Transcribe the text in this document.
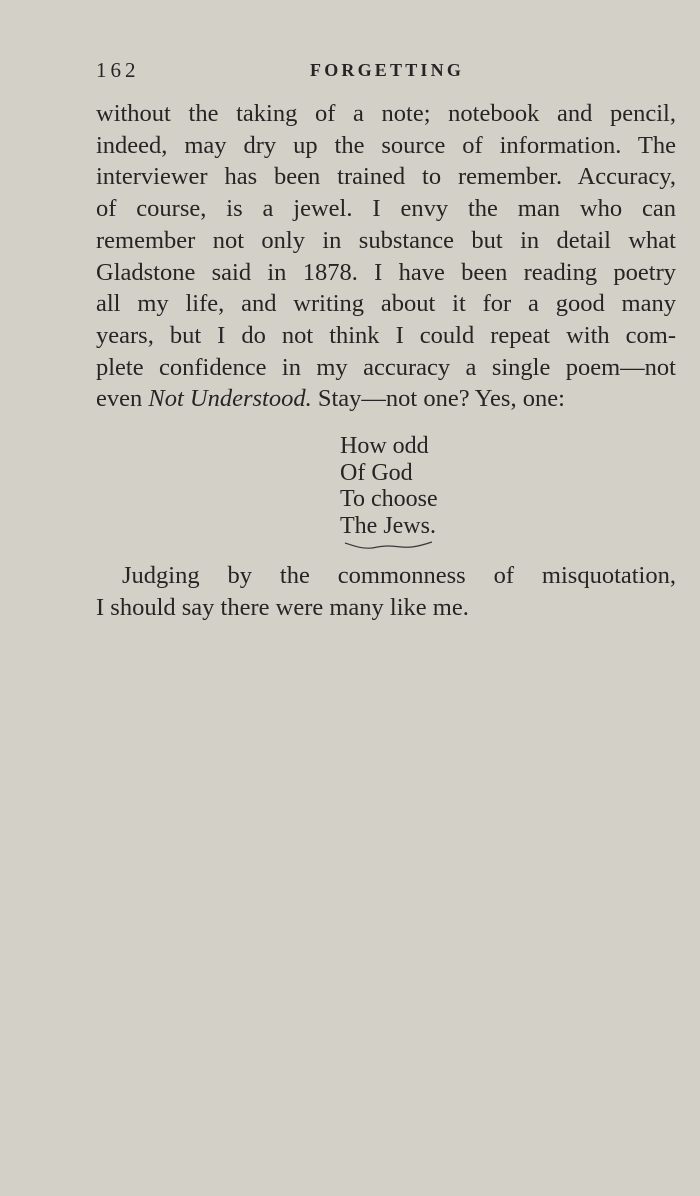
162	FORGETTING
without the taking of a note; notebook and pencil,
indeed, may dry up the source of information. The
interviewer has been trained to remember. Accuracy,
of course, is a jewel. I envy the man who can
remember not only in substance but in detail what
Gladstone said in 1878. I have been reading poetry
all my life, and writing about it for a good many
years, but I do not think I could repeat with com-
plete confidence in my accuracy a single poem—not
even Not Understood. Stay—not one? Yes, one:
How odd
Of God
To choose
The Jews.
Judging by the commonness of misquotation,
I should say there were many like me.
